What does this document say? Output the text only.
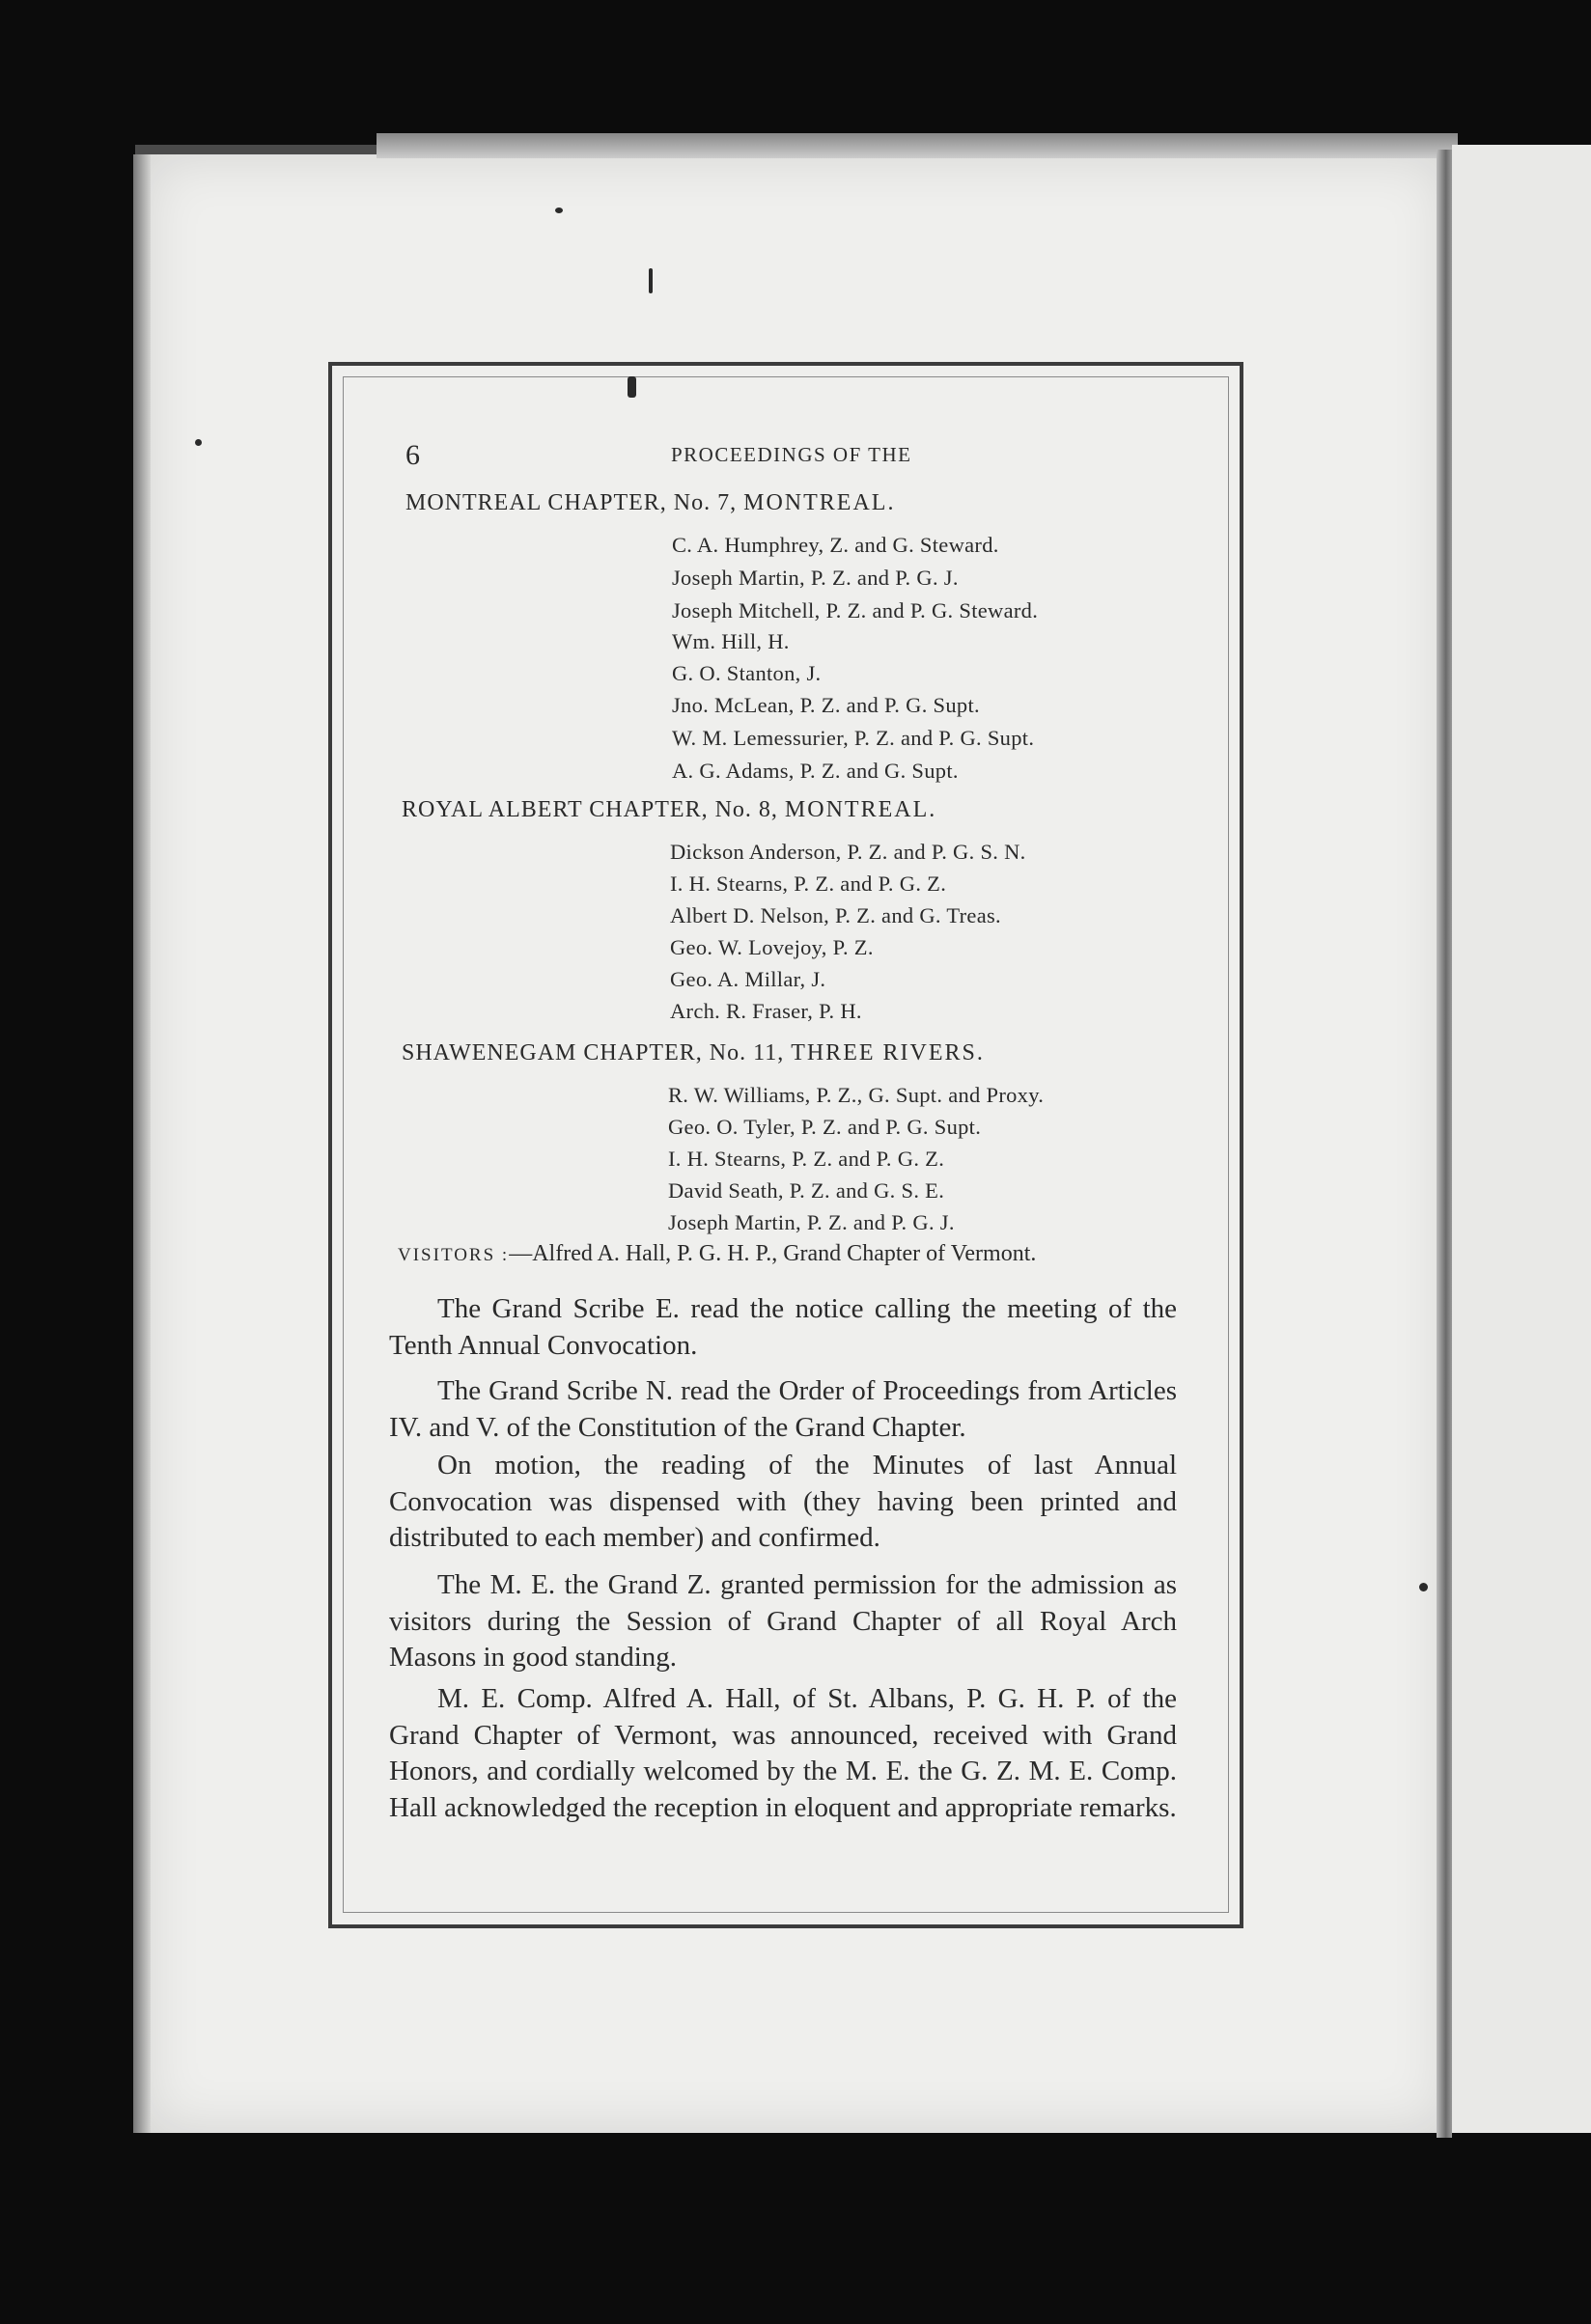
6	PROCEEDINGS OF THE
MONTREAL CHAPTER, No. 7, MONTREAL.
C. A. Humphrey, Z. and G. Steward.
Joseph Martin, P. Z. and P. G. J.
Joseph Mitchell, P. Z. and P. G. Steward.
Wm. Hill, H.
G. O. Stanton, J.
Jno. McLean, P. Z. and P. G. Supt.
W. M. Lemessurier, P. Z. and P. G. Supt.
A. G. Adams, P. Z. and G. Supt.
ROYAL ALBERT CHAPTER, No. 8, MONTREAL.
Dickson Anderson, P. Z. and P. G. S. N.
I. H. Stearns, P. Z. and P. G. Z.
Albert D. Nelson, P. Z. and G. Treas.
Geo. W. Lovejoy, P. Z.
Geo. A. Millar, J.
Arch. R. Fraser, P. H.
SHAWENEGAM CHAPTER, No. 11, THREE RIVERS.
R. W. Williams, P. Z., G. Supt. and Proxy.
Geo. O. Tyler, P. Z. and P. G. Supt.
I. H. Stearns, P. Z. and P. G. Z.
David Seath, P. Z. and G. S. E.
Joseph Martin, P. Z. and P. G. J.
VISITORS :—Alfred A. Hall, P. G. H. P., Grand Chapter of Vermont.
The Grand Scribe E. read the notice calling the meeting of the Tenth Annual Convocation.
The Grand Scribe N. read the Order of Proceedings from Articles IV. and V. of the Constitution of the Grand Chapter.
On motion, the reading of the Minutes of last Annual Convocation was dispensed with (they having been printed and distributed to each member) and confirmed.
The M. E. the Grand Z. granted permission for the admission as visitors during the Session of Grand Chapter of all Royal Arch Masons in good standing.
M. E. Comp. Alfred A. Hall, of St. Albans, P. G. H. P. of the Grand Chapter of Vermont, was announced, received with Grand Honors, and cordially welcomed by the M. E. the G. Z. M. E. Comp. Hall acknowledged the reception in eloquent and appropriate remarks.
